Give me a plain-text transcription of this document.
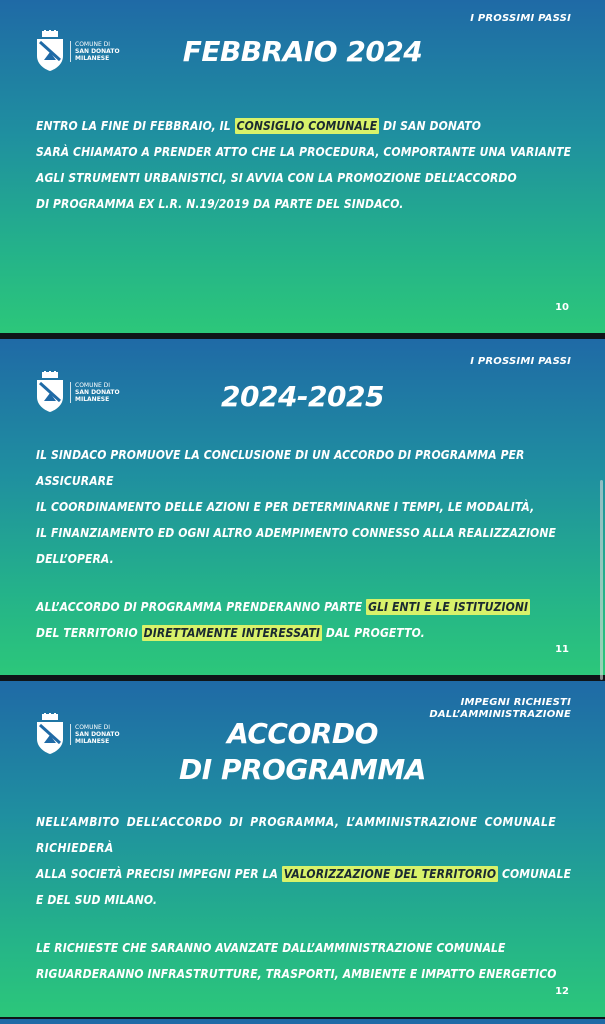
COMUNE DI
SAN DONATO
MILANESE
I PROSSIMI PASSI
FEBBRAIO 2024

ENTRO LA FINE DI FEBBRAIO, IL CONSIGLIO COMUNALE DI SAN DONATO

SARÀ CHIAMATO A PRENDER ATTO CHE LA PROCEDURA, COMPORTANTE UNA VARIANTE

AGLI STRUMENTI URBANISTICI, SI AVVIA CON LA PROMOZIONE DELL’ACCORDO

DI PROGRAMMA EX L.R. N.19/2019 DA PARTE DEL SINDACO.

10
COMUNE DI
SAN DONATO
MILANESE
I PROSSIMI PASSI
2024-2025

IL SINDACO PROMUOVE LA CONCLUSIONE DI UN ACCORDO DI PROGRAMMA PER ASSICURARE

IL COORDINAMENTO DELLE AZIONI E PER DETERMINARNE I TEMPI, LE MODALITÀ,

IL FINANZIAMENTO ED OGNI ALTRO ADEMPIMENTO CONNESSO ALLA REALIZZAZIONE DELL’OPERA.

ALL’ACCORDO DI PROGRAMMA PRENDERANNO PARTE GLI ENTI E LE ISTITUZIONI

DEL TERRITORIO DIRETTAMENTE INTERESSATI DAL PROGETTO.

11
COMUNE DI
SAN DONATO
MILANESE
IMPEGNI RICHIESTI
DALL’AMMINISTRAZIONE
ACCORDO
DI PROGRAMMA

NELL’AMBITO DELL’ACCORDO DI PROGRAMMA, L’AMMINISTRAZIONE COMUNALE RICHIEDERÀ

ALLA SOCIETÀ PRECISI IMPEGNI PER LA VALORIZZAZIONE DEL TERRITORIO COMUNALE

E DEL SUD MILANO.

LE RICHIESTE CHE SARANNO AVANZATE DALL’AMMINISTRAZIONE COMUNALE

RIGUARDERANNO INFRASTRUTTURE, TRASPORTI, AMBIENTE E IMPATTO ENERGETICO

12
